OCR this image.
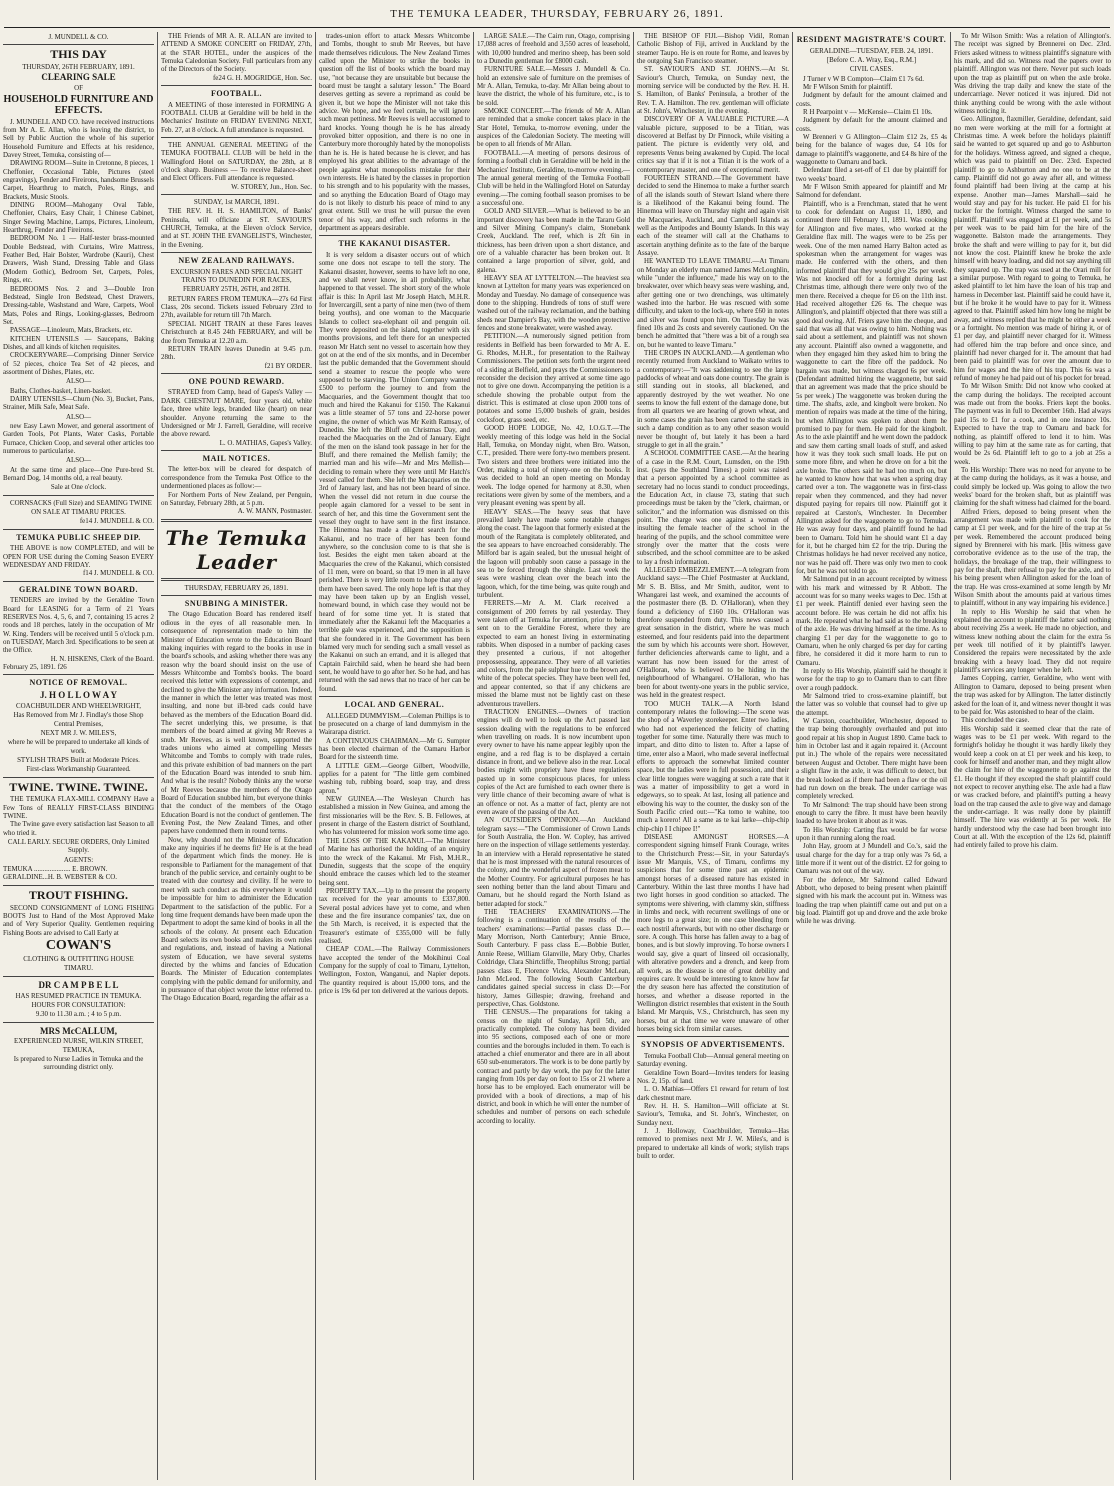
THE TEMUKA LEADER, THURSDAY, FEBRUARY 26, 1891.
J. MUNDELL & CO.
THIS DAY
THURSDAY, 26TH FEBRUARY, 1891.
CLEARING SALE
OF
HOUSEHOLD FURNITURE AND EFFECTS.

J. MUNDELL AND CO. have received instructions from Mr A. E. Allan, who is leaving the district, to Sell by Public Auction the whole of his superior Household Furniture and Effects at his residence, Davey Street, Temuka, consisting of—

DRAWING ROOM—Suite in Cretonne, 8 pieces, 1 Cheffonier, Occasional Table, Pictures (steel engravings), Fender and Fireirons, handsome Brussels Carpet, Hearthrug to match, Poles, Rings, and Brackets, Music Stools.

DINING ROOM—Mahogany Oval Table, Cheffonier, Chairs, Easy Chair, 1 Chinese Cabinet, Singer Sewing Machine, Lamps, Pictures, Linoleum, Hearthrug, Fender and Fireirons.

BEDROOM No. 1 — Half-tester brass-mounted Double Bedstead, with Curtains, Wire Mattress, Feather Bed, Hair Bolster, Wardrobe (Kauri), Chest Drawers, Wash Stand, Dressing Table and Glass (Modern Gothic), Bedroom Set, Carpets, Poles, Rings, etc.

BEDROOMS Nos. 2 and 3—Double Iron Bedstead, Single Iron Bedstead, Chest Drawers, Dressing-table, Washstand and Ware, Carpets, Wool Mats, Poles and Rings, Looking-glasses, Bedroom Set.

PASSAGE—Linoleum, Mats, Brackets, etc.

KITCHEN UTENSILS — Saucepans, Baking Dishes, and all kinds of kitchen requisites.

CROCKERYWARE—Comprising Dinner Service of 52 pieces, choice Tea Set of 42 pieces, and assortment of Dishes, Plates, etc.

ALSO—

Baths, Clothes-basket, Linen-basket.

DAIRY UTENSILS—Churn (No. 3), Bucket, Pans, Strainer, Milk Safe, Meat Safe.

ALSO—

new Easy Lawn Mower, and general assortment of Garden Tools, Pot Plants, Water Casks, Portable Furnace, Chicken Coop, and several other articles too numerous to particularise.

ALSO—

At the same time and place—One Pure-bred St. Bernard Dog, 14 months old, a real beauty.

Sale at One o'clock.

CORNSACKS (Full Size) and SEAMING TWINE

ON SALE AT TIMARU PRICES.
fe14 J. MUNDELL & CO.
TEMUKA PUBLIC SHEEP DIP.

THE ABOVE is now COMPLETED, and will be OPEN FOR USE during the Coming Season EVERY WEDNESDAY AND FRIDAY.

f14 J. MUNDELL & CO.
GERALDINE TOWN BOARD.

TENDERS are invited by the Geraldine Town Board for LEASING for a Term of 21 Years RESERVES Nos. 4, 5, 6, and 7, containing 15 acres 2 roods and 18 perches, lately in the occupation of Mr W. King. Tenders will be received until 5 o'clock p.m. on TUESDAY, March 3rd. Specifications to be seen at the Office.

H. N. HISKENS, Clerk of the Board.
February 25, 1891. f26
NOTICE OF REMOVAL.
J. H O L L O W A Y
COACHBUILDER AND WHEELWRIGHT,
Has Removed from Mr J. Findlay's those Shop Central Premises,
NEXT MR J. W. MILES'S,
where he will be prepared to undertake all kinds of work.
STYLISH TRAPS Built at Moderate Prices.
First-class Workmanship Guaranteed.
TWINE. TWINE. TWINE.

THE TEMUKA FLAX-MILL COMPANY Have a Few Tons of REALLY FIRST-CLASS BINDING TWINE.

The Twine gave every satisfaction last Season to all who tried it.

CALL EARLY. SECURE ORDERS, Only Limited Supply.
AGENTS:
TEMUKA ..................... E. BROWN.
GERALDINE...H. B. WEBSTER & CO.
TROUT FISHING.

SECOND CONSIGNMENT of LONG FISHING BOOTS Just to Hand of the Most Approved Make and of Very Superior Quality. Gentlemen requiring Fishing Boots are advised to Call Early at

COWAN'S
CLOTHING & OUTFITTING HOUSE
TIMARU.
DR C A M P B E L L
HAS RESUMED PRACTICE IN TEMUKA.
HOURS FOR CONSULTATION:
9.30 to 11.30 a.m. ; 4 to 5 p.m.
MRS McCALLUM,
EXPERIENCED NURSE, WILKIN STREET, TEMUKA,
Is prepared to Nurse Ladies in Temuka and the surrounding district only.

THE Friends of MR A. R. ALLAN are invited to ATTEND A SMOKE CONCERT on FRIDAY, 27th, at the STAR HOTEL, under the auspices of the Temuka Caledonian Society. Full particulars from any of the Directors of the Society.

fe24 G. H. MOGRIDGE, Hon. Sec.
FOOTBALL.

A MEETING of those interested in FORMING A FOOTBALL CLUB at Geraldine will be held in the Mechanics' Institute on FRIDAY EVENING NEXT, Feb. 27, at 8 o'clock. A full attendance is requested.

THE ANNUAL GENERAL MEETING of the TEMUKA FOOTBALL CLUB will be held in the Wallingford Hotel on SATURDAY, the 28th, at 8 o'clock sharp. Business — To receive Balance-sheet and Elect Officers. Full attendance is requested.

W. STOREY, Jun., Hon. Sec.
SUNDAY, 1st MARCH, 1891.

THE REV. H. H. S. HAMILTON, of Banks' Peninsula, will officiate at ST. SAVIOUR'S CHURCH, Temuka, at the Eleven o'clock Service, and at ST. JOHN THE EVANGELIST'S, Winchester, in the Evening.

NEW ZEALAND RAILWAYS.
EXCURSION FARES AND SPECIAL NIGHT TRAINS TO DUNEDIN FOR RACES,
FEBRUARY 25TH, 26TH, and 28TH.

RETURN FARES FROM TEMUKA—27s 6d First Class, 20s second. Tickets issued February 23rd to 27th, available for return till 7th March.

SPECIAL NIGHT TRAIN at these Fares leaves Christchurch at 8.45 24th FEBRUARY, and will be due from Temuka at 12.20 a.m.

RETURN TRAIN leaves Dunedin at 9.45 p.m. 28th.

f21 BY ORDER.
ONE POUND REWARD.

STRAYED from Camp, head of Gapes's Valley — DARK CHESTNUT MARE, four years old, white face, three white legs, branded like (heart) on near shoulder. Anyone returning the same to the Undersigned or Mr J. Farrell, Geraldine, will receive the above reward.

L. O. MATHIAS, Gapes's Valley.
MAIL NOTICES.

The letter-box will be cleared for despatch of correspondence from the Temuka Post Office to the undermentioned places as follow:—

For Northern Ports of New Zealand, per Penguin, on Saturday, February 28th, at 5 p.m.

A. W. MANN, Postmaster.
The Temuka Leader
THURSDAY, FEBRUARY 26, 1891.
SNUBBING A MINISTER.

The Otago Education Board has rendered itself odious in the eyes of all reasonable men. In consequence of representation made to him the Minister of Education wrote to the Education Board making inquiries with regard to the books in use in the board's schools, and asking whether there was any reason why the board should insist on the use of Messrs Whitcombe and Tombs's books. The board received this letter with expressions of contempt, and declined to give the Minister any information. Indeed, the manner in which the letter was treated was most insulting, and none but ill-bred cads could have behaved as the members of the Education Board did. The secret underlying this, we presume, is that members of the board aimed at giving Mr Reeves a snub. Mr Reeves, as is well known, supported the trades unions who aimed at compelling Messrs Whitcombe and Tombs to comply with trade rules, and this private exhibition of bad manners on the part of the Education Board was intended to snub him. And what is the result? Nobody thinks any the worse of Mr Reeves because the members of the Otago Board of Education snubbed him, but everyone thinks that the conduct of the members of the Otago Education Board is not the conduct of gentlemen. The Evening Post, the New Zealand Times, and other papers have condemned them in round terms.

Now, why should not the Minister of Education make any inquiries if he deems fit? He is at the head of the department which finds the money. He is responsible to Parliament for the management of that branch of the public service, and certainly ought to be treated with due courtesy and civility. If he were to meet with such conduct as this everywhere it would be impossible for him to administer the Education Department to the satisfaction of the public. For a long time frequent demands have been made upon the Department to adopt the same kind of books in all the schools of the colony. At present each Education Board selects its own books and makes its own rules and regulations, and, instead of having a National system of Education, we have several systems directed by the whims and fancies of Education Boards. The Minister of Education contemplates complying with the public demand for uniformity, and in pursuance of that object wrote the letter referred to. The Otago Education Board, regarding the affair as a

trades-union effort to attack Messrs Whitcombe and Tombs, thought to snub Mr Reeves, but have made themselves ridiculous. The New Zealand Times called upon the Minister to strike the books in question off the list of books which the board may use, "not because they are unsuitable but because the board must be taught a salutary lesson." The Board deserves getting as severe a reprimand as could be given it, but we hope the Minister will not take this advice. We hope, and we feel certain, he will ignore such mean pettiness. Mr Reeves is well accustomed to hard knocks. Young though he is he has already provoked bitter opposition, and there is no one in Canterbury more thoroughly hated by the monopolists than he is. He is hated because he is clever, and has employed his great abilities to the advantage of the people against what monopolists mistake for their own interests. He is hated by the classes in proportion to his strength and to his popularity with the masses, and so anything the Education Board of Otago may do is not likely to disturb his peace of mind to any great extent. Still we trust he will pursue the even tenor of his way, and effect such reforms in the department as appears desirable.

THE KAKANUI DISASTER.

It is very seldom a disaster occurs out of which some one does not escape to tell the story. The Kakanui disaster, however, seems to have left no one, and we shall never know, in all probability, what happened to that vessel. The short story of the whole affair is this: In April last Mr Joseph Hatch, M.H.R. for Invercargill, sent a party of nine men (two of them being youths), and one woman to the Macquarie Islands to collect sea-elephant oil and penguin oil. They were deposited on the island, together with six months provisions, and left there for an unexpected reason Mr Hatch sent no vessel to ascertain how they got on at the end of the six months, and in December last the public demanded that the Government should send a steamer to rescue the people who were supposed to be starving. The Union Company wanted £500 to perform the journey to and from the Macquaries, and the Government thought that too much and hired the Kakanui for £150. The Kakanui was a little steamer of 57 tons and 22-horse power engine, the owner of which was Mr Keith Ramsay, of Dunedin. She left the Bluff on Christmas Day, and reached the Macquaries on the 2nd of January. Eight of the men on the island took passage in her for the Bluff, and there remained the Mellish family; the married man and his wife—Mr and Mrs Mellish—deciding to remain where they were until Mr Hatch's vessel called for them. She left the Macquaries on the 3rd of January last, and has not been heard of since. When the vessel did not return in due course the people again clamored for a vessel to be sent in search of her, and this time the Government sent the vessel they ought to have sent in the first instance. The Hinemoa has made a diligent search for the Kakanui, and no trace of her has been found anywhere, so the conclusion come to is that she is lost. Besides the eight men taken aboard at the Macquaries the crew of the Kakanui, which consisted of 11 men, were on board, so that 19 men in all have perished. There is very little room to hope that any of them have been saved. The only hope left is that they may have been taken up by an English vessel, homeward bound, in which case they would not be heard of for some time yet. It is stated that immediately after the Kakanui left the Macquaries a terrible gale was experienced, and the supposition is that she foundered in it. The Government has been blamed very much for sending such a small vessel as the Kakanui on such an errand, and it is alleged that Captain Fairchild said, when he heard she had been sent, he would have to go after her. So he had, and has returned with the sad news that no trace of her can be found.

LOCAL AND GENERAL.

ALLEGED DUMMYISM.—Coleman Phillips is to be prosecuted on a charge of land dummyism in the Wairarapa district.

A CONTINUOUS CHAIRMAN.—Mr G. Sumpter has been elected chairman of the Oamaru Harbor Board for the sixteenth time.

A LITTLE GEM.—George Gilbert, Woodville, applies for a patent for "The little gem combined washing tub, rubbing board, soap tray, and dress apron."

NEW GUINEA.—The Wesleyan Church has established a mission in New Guinea, and among the first missionaries will be the Rev. S. B. Fellowes, at present in charge of the Eastern district of Southland, who has volunteered for mission work some time ago.

THE LOSS OF THE KAKANUI.—The Minister of Marine has authorised the holding of an enquiry into the wreck of the Kakanui. Mr Fish, M.H.R., Dunedin, suggests that the scope of the enquiry should embrace the causes which led to the steamer being sent.

PROPERTY TAX.—Up to the present the property tax received for the year amounts to £337,800. Several postal advices have yet to come, and when these and the fire insurance companies' tax, due on the 5th March, is received, it is expected that the Treasurer's estimate of £355,000 will be fully realised.

CHEAP COAL.—The Railway Commissioners have accepted the tender of the Mokihinui Coal Company for the supply of coal to Timaru, Lyttelton, Wellington, Foxton, Wanganui, and Napier depots. The quantity required is about 15,000 tons, and the price is 19s 6d per ton delivered at the various depots.

LARGE SALE.—The Cairn run, Otago, comprising 17,088 acres of freehold and 3,550 acres of leasehold, with 10,000 hundred and merino sheep, has been sold to a Dunedin gentleman for £8000 cash.

FURNITURE SALE.—Messrs J. Mundell & Co. hold an extensive sale of furniture on the premises of Mr A. Allan, Temuka, to-day. Mr Allan being about to leave the district, the whole of his furniture, etc., is to be sold.

SMOKE CONCERT.—The friends of Mr A. Allan are reminded that a smoke concert takes place in the Star Hotel, Temuka, to-morrow evening, under the auspices of the Caledonian Society. The meeting will be open to all friends of Mr Allan.

FOOTBALL.—A meeting of persons desirous of forming a football club in Geraldine will be held in the Mechanics' Institute, Geraldine, to-morrow evening.—The annual general meeting of the Temuka Football Club will be held in the Wallingford Hotel on Saturday evening.—The coming football season promises to be a successful one.

GOLD AND SILVER.—What is believed to be an important discovery has been made in the Tararu Gold and Silver Mining Company's claim, Stonebank Creek, Auckland. The reef, which is 2ft 6in in thickness, has been driven upon a short distance, and ore of a valuable character has been broken out. It contained a large proportion of silver, gold, and galena.

HEAVY SEA AT LYTTELTON.—The heaviest sea known at Lyttelton for many years was experienced on Monday and Tuesday. No damage of consequence was done to the shipping. Hundreds of tons of stuff were washed out of the railway reclamation, and the bathing sheds near Dampier's Bay, with the wooden protective fences and stone breakwater, were washed away.

PETITION.—A numerously signed petition from residents in Belfield has been forwarded to Mr A. E. G. Rhodes, M.H.R., for presentation to the Railway Commissioners. The petition sets forth the urgent need of a siding at Belfield, and prays the Commissioners to reconsider the decision they arrived at some time ago not to give one down. Accompanying the petition is a schedule showing the probable output from the district. This is estimated at close upon 2000 tons of potatoes and some 15,000 bushels of grain, besides cocksfoot, grass seed, etc.

GOOD HOPE LODGE, No. 42, I.O.G.T.—The weekly meeting of this lodge was held in the Social Hall, Temuka, on Monday night, when Bro. Watson, C.T., presided. There were forty-two members present. Two sisters and three brothers were initiated into the Order, making a total of ninety-one on the books. It was decided to hold an open meeting on Monday week. The lodge opened for harmony at 8.30, when recitations were given by some of the members, and a very pleasant evening was spent by all.

HEAVY SEAS.—The heavy seas that have prevailed lately have made some notable changes along the coast. The lagoon that formerly existed at the mouth of the Rangitata is completely obliterated, and the sea appears to have encroached considerably. The Milford bar is again sealed, but the unusual height of the lagoon will probably soon cause a passage in the sea to be forced through the shingle. Last week the seas were washing clean over the beach into the lagoon, which, for the time being, was quite rough and turbulent.

FERRETS.—Mr A. M. Clark received a consignment of 200 ferrets by rail yesterday. They were taken off at Temuka for attention, prior to being sent on to the Geraldine Forest, where they are expected to earn an honest living in exterminating rabbits. When disposed in a number of packing cases they presented a curious, if not altogether prepossessing, appearance. They were of all varieties and colors, from the pale sulphur hue to the brown and white of the polecat species. They have been well fed, and appear contented, so that if any chickens are missed the blame must not be lightly cast on these adventurous travellers.

TRACTION ENGINES.—Owners of traction engines will do well to look up the Act passed last session dealing with the regulations to be enforced when travelling on roads. It is now incumbent upon every owner to have his name appear legibly upon the engine, and a red flag is to be displayed a certain distance in front, and we believe also in the rear. Local bodies might with propriety have these regulations pasted up in some conspicuous places, for unless copies of the Act are furnished to each owner there is very little chance of their becoming aware of what is an offence or not. As a matter of fact, plenty are not even aware of the passing of the Act.

AN OUTSIDER'S OPINION.—An Auckland telegram says:—"The Commissioner of Crown Lands for South Australia, the Hon. W. Copley, has arrived here on the inspection of village settlements yesterday. In an interview with a Herald representative he stated that he is most impressed with the natural resources of the colony, and the wonderful aspect of frozen meat to the Mother Country. For agricultural purposes he has seen nothing better than the land about Timaru and Oamaru, but he should regard the North Island as better adapted for stock."

THE TEACHERS' EXAMINATIONS.—The following is a continuation of the results of the teachers' examinations:—Partial passes class D.—Mary Morrison, North Canterbury; Annie Bruce, South Canterbury. F pass class E.—Bobbie Butler, Annie Reese, William Glanville, Mary Orby, Charles Coldridge, Clara Shirtcliffe, Theophilus Strong; partial passes class E, Florence Vicks, Alexander McLean, John McLeod. The following South Canterbury candidates gained special success in class D:—For history, James Gillespie; drawing, freehand and perspective, Chas. Goldstone.

THE CENSUS.—The preparations for taking a census on the night of Sunday, April 5th, are practically completed. The colony has been divided into 95 sections, composed each of one or more counties and the boroughs included in them. To each is attached a chief enumerator and there are in all about 650 sub-enumerators. The work is to be done partly by contract and partly by day work, the pay for the latter ranging from 10s per day on foot to 15s or 21 where a horse has to be employed. Each enumerator will be provided with a book of directions, a map of his district, and book in which he will enter the number of schedules and number of persons on each schedule according to locality.

THE BISHOP OF FIJI.—Bishop Vidil, Roman Catholic Bishop of Fiji, arrived in Auckland by the steamer Taupo. He is en route for Rome, and leaves by the outgoing San Francisco steamer.

ST. SAVIOUR'S AND ST. JOHN'S.—At St. Saviour's Church, Temuka, on Sunday next, the morning service will be conducted by the Rev. H. H. S. Hamilton, of Banks' Peninsula, a brother of the Rev. T. A. Hamilton. The rev. gentleman will officiate at St. John's, Winchester, in the evening.

DISCOVERY OF A VALUABLE PICTURE.—A valuable picture, supposed to be a Titian, was discovered at Belfast by Dr Pinnock, while visiting a patient. The picture is evidently very old, and represents Venus being awakened by Cupid. The local critics say that if it is not a Titian it is the work of a contemporary master, and one of exceptional merit.

FOURTEEN STRAND.—The Government have decided to send the Hinemoa to make a further search of all the islands south of Stewart Island where there is a likelihood of the Kakanui being found. The Hinemoa will leave on Thursday night and again visit the Macquaries, Auckland, and Campbell Islands as well as the Antipodes and Bounty Islands. In this way each of the steamer will call at the Chathams to ascertain anything definite as to the fate of the barque Assaye.

HE WANTED TO LEAVE TIMARU.—At Timaru on Monday an elderly man named James McLoughlin, while "under the influence," made his way on to the breakwater, over which heavy seas were washing, and, after getting one or two drenchings, was ultimately washed into the harbor. He was rescued with some difficulty, and taken to the lock-up, where £60 in notes and silver was found upon him. On Tuesday he was fined 10s and 2s costs and severely cautioned. On the bench he admitted that "there was a bit of a rough sea on, but he wanted to leave Timaru."

THE CROPS IN AUCKLAND.—A gentleman who recently returned from Auckland to Waikato writes to a contemporary:—"It was saddening to see the large paddocks of wheat and oats done country. The grain is still standing out in stooks, all blackened, and apparently destroyed by the wet weather. No one seems to know the full extent of the damage done, but from all quarters we are hearing of grown wheat, and in some cases the grain has been carted to the stack in such a damp condition as to any other season would never be thought of, but lately it has been a hard struggle to get in all the grain."

A SCHOOL COMMITTEE CASE.—At the hearing of a case in the R.M. Court, Lumsden, on the 19th inst. (says the Southland Times) a point was raised that a person appointed by a school committee as secretary had no locus standi to conduct proceedings, the Education Act, in clause 73, stating that such proceedings must be taken by the "clerk, chairman, or solicitor," and the information was dismissed on this point. The charge was one against a woman of insulting the female teacher of the school in the hearing of the pupils, and the school committee were strongly over the matter that the costs were subscribed, and the school committee are to be asked to lay a fresh information.

ALLEGED EMBEZZLEMENT.—A telegram from Auckland says:—The Chief Postmaster at Auckland, Mr S. B. Bliss, and Mr Smith, auditor, went to Whangarei last week, and examined the accounts of the postmaster there (B. D. O'Halloran), when they found a deficiency of £160 10s. O'Halloran was therefore suspended from duty. This news caused a great sensation in the district, where he was much esteemed, and four residents paid into the department the sum by which his accounts were short. However, further deficiencies afterwards came to light, and a warrant has now been issued for the arrest of O'Halloran, who is believed to be hiding in the neighbourhood of Whangarei. O'Halloran, who has been for about twenty-one years in the public service, was held in the greatest respect.

TOO MUCH TALK.—A North Island contemporary relates the following:—The scene was the shop of a Waverley storekeeper. Enter two ladies, who had not experienced the felicity of chatting together for some time. Naturally there was much to impart, and ditto ditto to listen to. After a lapse of time, enter also a Maori, who made several ineffectual efforts to approach the somewhat limited counter space, but the ladies were in full possession, and their clear little tongues were wagging at such a rate that it was a matter of impossibility to get a word in edgeways, so to speak. At last, losing all patience and elbowing his way to the counter, the dusky son of the South Pacific cried out:—"Ka tomo te wahine, too much a korero! All a same as te kai larke—chip-chip chip-chip I I chipee I!"

DISEASE AMONGST HORSES.—A correspondent signing himself Frank Courage, writes to the Christchurch Press:—Sir, in your Saturday's issue Mr Marquis, V.S., of Timaru, confirms my suspicions that for some time past an epidemic amongst horses of a diseased nature has existed in Canterbury. Within the last three months I have had two light horses in good condition so attacked. The symptoms were shivering, with clammy skin, stiffness in limbs and neck, with recurrent swellings of one or more legs to a great size; in one case bleeding from each nostril afterwards, but with no other discharge or sore. A cough. This horse has fallen away to a bag of bones, and is but slowly improving. To horse owners I would say, give a quart of linseed oil occasionally, with alterative powders and a drench, and keep from all work, as the disease is one of great debility and requires care. It would be interesting to know how far the dry season here has affected the constitution of horses, and whether a disease reported in the Wellington district resembles that existent in the South Island. Mr Marquis, V.S., Christchurch, has seen my horses, but at that time we were unaware of other horses being sick from similar causes.

SYNOPSIS OF ADVERTISEMENTS.

Temuka Football Club—Annual general meeting on Saturday evening.

Geraldine Town Board—Invites tenders for leasing Nos. 2, 15p. of land.

L. O. Mathias—Offers £1 reward for return of lost dark chestnut mare.

Rev. H. H. S. Hamilton—Will officiate at St. Saviour's, Temuka, and St. John's, Winchester, on Sunday next.

J. J. Holloway, Coachbuilder, Temuka—Has removed to premises next Mr J. W. Miles's, and is prepared to undertake all kinds of work; stylish traps built to order.

RESIDENT MAGISTRATE'S COURT.
GERALDINE—TUESDAY, FEB. 24, 1891.
[Before C. A. Wray, Esq., R.M.]
CIVIL CASES.

J Turner v W B Compton—Claim £1 7s 6d.

Mr F Wilson Smith for plaintiff.

Judgment by default for the amount claimed and costs.

R H Pearpoint v — McKensie—Claim £1 10s.

Judgment by default for the amount claimed and costs.

W Brenneri v G Allington—Claim £12 2s, £5 4s being for the balance of wages due, £4 10s for damage to plaintiff's waggonette, and £4 8s hire of the waggonette to Oamaru and back.

Defendant filed a set-off of £1 due by plaintiff for two weeks' board.

Mr F Wilson Smith appeared for plaintiff and Mr Salmond for defendant.

Plaintiff, who is a Frenchman, stated that he went to cook for defendant on August 11, 1890, and continued there till February 11, 1891. Was cooking for Allington and five mates, who worked at the Geraldine flax mill. The wages were to be 25s per week. One of the men named Harry Balton acted as spokesman when the arrangement for wages was made. He conferred with the others, and then informed plaintiff that they would give 25s per week. Was not knocked off for a fortnight during last Christmas time, although there were only two of the men there. Received a cheque for £6 on the 11th inst. Had received altogether £26 6s. The cheque was Allington's, and plaintiff objected that there was still a good deal owing. Alf. Friers gave him the cheque, and said that was all that was owing to him. Nothing was said about a settlement, and plaintiff was not shown any account. Plaintiff also owned a waggonette, and when they engaged him they asked him to bring the waggonette to cart the fibre off the paddock. No bargain was made, but witness charged 6s per week. (Defendant admitted hiring the waggonette, but said that an agreement was made that the price should be 5s per week.) The waggonette was broken during the time. The shafts, axle, and kingbolt were broken. No mention of repairs was made at the time of the hiring, but when Allington was spoken to about them he promised to pay for them. He paid for the kingbolt. As to the axle plaintiff and he went down the paddock and saw them carting small loads of stuff, and asked how it was they took such small loads. He put on some more fibre, and when he drove on for a bit the axle broke. The others said he had too much on, but he wanted to know how that was when a spring dray carted over a ton. The waggonette was in first-class repair when they commenced, and they had never disputed paying for repairs till now. Plaintiff got it repaired at Carston's, Winchester. In December Allington asked for the waggonette to go to Temuka. He was away four days, and plaintiff found he had been to Oamaru. Told him he should want £1 a day for it, but he charged him £2 for the trip. During the Christmas holidays he had never received any notice, nor was he paid off. There was only two men to cook for, but he was not told to go.

Mr Salmond put in an account receipted by witness with his mark and witnessed by R Abbott. The account was for so many weeks wages to Dec. 15th at £1 per week. Plaintiff denied ever having seen the account before. He was certain he did not affix his mark. He repeated what he had said as to the breaking of the axle. He was driving himself at the time. As to charging £1 per day for the waggonette to go to Oamaru, when he only charged 6s per day for carting fibre, he considered it did it more harm to run to Oamaru.

In reply to His Worship, plaintiff said he thought it worse for the trap to go to Oamaru than to cart fibre over a rough paddock.

Mr Salmond tried to cross-examine plaintiff, but the latter was so voluble that counsel had to give up the attempt.

W Carston, coachbuilder, Winchester, deposed to the trap being thoroughly overhauled and put into good repair at his shop in August 1890. Came back to him in October last and it again repaired it. (Account put in.) The whole of the repairs were necessitated between August and October. There might have been a slight flaw in the axle, it was difficult to detect, but the break looked as if there had been a flaw or the oil had run down on the break. The under carriage was completely wrecked.

To Mr Salmond: The trap should have been strong enough to carry the fibre. It must have been heavily loaded to have broken it about as it was.

To His Worship: Carting flax would be far worse upon it than running along the road.

John Hay, groom at J Mundell and Co.'s, said the usual charge for the day for a trap only was 7s 6d, a little more if it went out of the district. £2 for going to Oamaru was not out of the way.

For the defence, Mr Salmond called Edward Abbott, who deposed to being present when plaintiff signed with his mark the account put in. Witness was loading the trap when plaintiff came out and put on a big load. Plaintiff got up and drove and the axle broke while he was driving.

To Mr Wilson Smith: Was a relation of Allington's. The receipt was signed by Brennerei on Dec. 23rd. Friers asked witness to witness plaintiff's signature with his mark, and did so. Witness read the papers over to plaintiff. Allington was not there. Never put such loads upon the trap as plaintiff put on when the axle broke. Was driving the trap daily and knew the state of the undercarriage. Never noticed it was injured. Did not think anything could be wrong with the axle without witness noticing it.

Geo. Allington, flaxmiller, Geraldine, defendant, said no men were working at the mill for a fortnight at Christmas time. A week before the holidays plaintiff said he wanted to get squared up and go to Ashburton for the holidays. Witness agreed, and signed a cheque, which was paid to plaintiff on Dec. 23rd. Expected plaintiff to go to Ashburton and no one to be at the camp. Plaintiff did not go away after all, and witness found plaintiff had been living at the camp at his expense. Another man—James Marshall—said he would stay and pay for his tucker. He paid £1 for his tucker for the fortnight. Witness charged the same to plaintiff. Plaintiff was engaged at £1 per week, and 5s per week was to be paid him for the hire of the waggonette. Balston made the arrangements. They broke the shaft and were willing to pay for it, but did not know the cost. Plaintiff knew he broke the axle himself with heavy loading, and did not say anything till they squared up. The trap was used at the Orari mill for a similar purpose. With regard to going to Temuka, he asked plaintiff to let him have the loan of his trap and harness in December last. Plaintiff said he could have it, but if he broke it he would have to pay for it. Witness agreed to that. Plaintiff asked him how long he might be away, and witness replied that he might be either a week or a fortnight. No mention was made of hiring it, or of £1 per day, and plaintiff never charged for it. Witness had offered him the trap before and once since, and plaintiff had never charged for it. The amount that had been paid to plaintiff was for over the amount due to him for wages and the hire of his trap. This 6s was a refund of money he had paid out of his pocket for bread.

To Mr Wilson Smith: Did not know who cooked at the camp during the holidays. The receipted account was made out from the books. Friers kept the books. The payment was in full to December 16th. Had always paid 15s to £1 for a cook, and in one instance 10s. Expected to have the trap to Oamaru and back for nothing, as plaintiff offered to lend it to him. Was willing to pay him at the same rate as for carting, that would be 2s 6d. Plaintiff left to go to a job at 25s a week.

To His Worship: There was no need for anyone to be at the camp during the holidays, as it was a house, and could simply be locked up. Was going to allow the two weeks' board for the broken shaft, but as plaintiff was claiming for the shaft witness had claimed for the board.

Alfred Friers, deposed to being present when the arrangement was made with plaintiff to cook for the camp at £1 per week, and for the hire of the trap at 5s per week. Remembered the account produced being signed by Brennerei with his mark. [His witness gave corroborative evidence as to the use of the trap, the holidays, the breakage of the trap, their willingness to pay for the shaft, their refusal to pay for the axle, and to his being present when Allington asked for the loan of the trap. He was cross-examined at some length by Mr Wilson Smith about the amounts paid at various times to plaintiff, without in any way impairing his evidence.]

In reply to His Worship he said that when he explained the account to plaintiff the latter said nothing about receiving 25s a week. He made no objection, and witness knew nothing about the claim for the extra 5s per week till notified of it by plaintiff's lawyer. Considered the repairs were necessitated by the axle breaking with a heavy load. They did not require plaintiff's services any longer when he left.

James Copping, carrier, Geraldine, who went with Allington to Oamaru, deposed to being present when the trap was asked for by Allington. The latter distinctly asked for the loan of it, and witness never thought it was to be paid for. Was astonished to hear of the claim.

This concluded the case.

His Worship said it seemed clear that the rate of wages was to be £1 per week. With regard to the fortnight's holiday he thought it was hardly likely they would keep a cook on at £1 per week and his keep, to cook for himself and another man, and they might allow the claim for hire of the waggonette to go against the £1. He thought if they excepted the shaft plaintiff could not expect to recover anything else. The axle had a flaw or was cracked before, and plaintiff's putting a heavy load on the trap caused the axle to give way and damage the under-carriage. It was really done by plaintiff himself. The hire was evidently at 5s per week. He hardly understood why the case had been brought into Court at all. With the exception of the 12s 6d, plaintiff had entirely failed to prove his claim.
